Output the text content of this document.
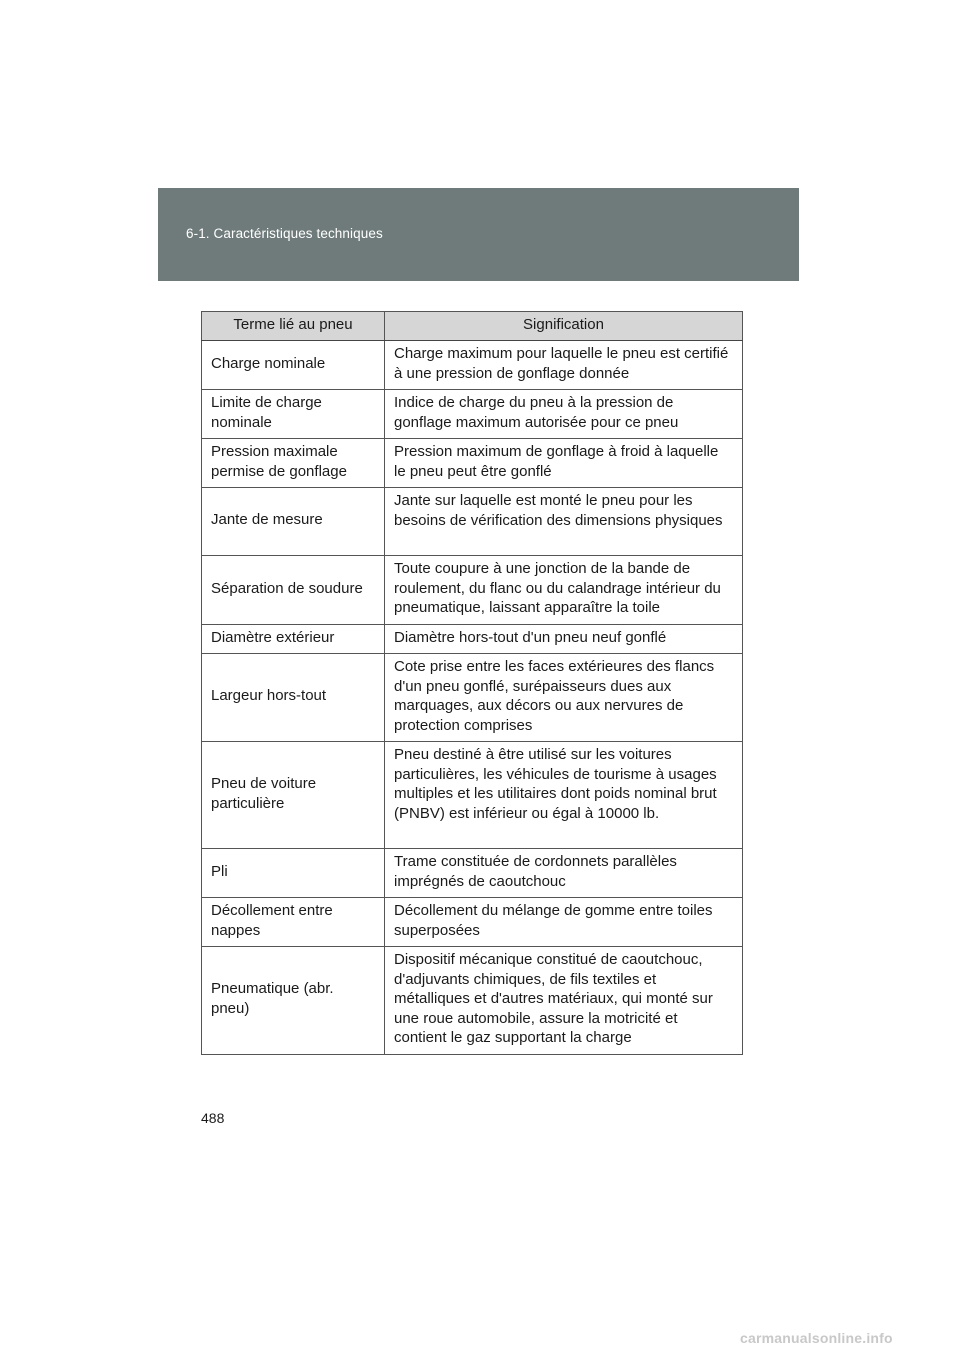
6-1. Caractéristiques techniques
Terme lié au pneu	Signification

Charge nominale	Charge maximum pour laquelle le pneu est certifié à une pression de gonflage donnée
Limite de charge nominale	Indice de charge du pneu à la pression de gonflage maximum autorisée pour ce pneu
Pression maximale permise de gonflage	Pression maximum de gonflage à froid à laquelle le pneu peut être gonflé
Jante de mesure	Jante sur laquelle est monté le pneu pour les besoins de vérification des dimensions physiques
Séparation de soudure	Toute coupure à une jonction de la bande de roulement, du flanc ou du calandrage intérieur du pneumatique, laissant apparaître la toile
Diamètre extérieur	Diamètre hors-tout d'un pneu neuf gonflé
Largeur hors-tout	Cote prise entre les faces extérieures des flancs d'un pneu gonflé, surépaisseurs dues aux marquages, aux décors ou aux nervures de protection comprises
Pneu de voiture particulière	Pneu destiné à être utilisé sur les voitures particulières, les véhicules de tourisme à usages multiples et les utilitaires dont poids nominal brut (PNBV) est inférieur ou égal à 10000 lb.
Pli	Trame constituée de cordonnets parallèles imprégnés de caoutchouc
Décollement entre nappes	Décollement du mélange de gomme entre toiles superposées
Pneumatique (abr. pneu)	Dispositif mécanique constitué de caoutchouc, d'adjuvants chimiques, de fils textiles et métalliques et d'autres matériaux, qui monté sur une roue automobile, assure la motricité et contient le gaz supportant la charge
488
carmanualsonline.info
